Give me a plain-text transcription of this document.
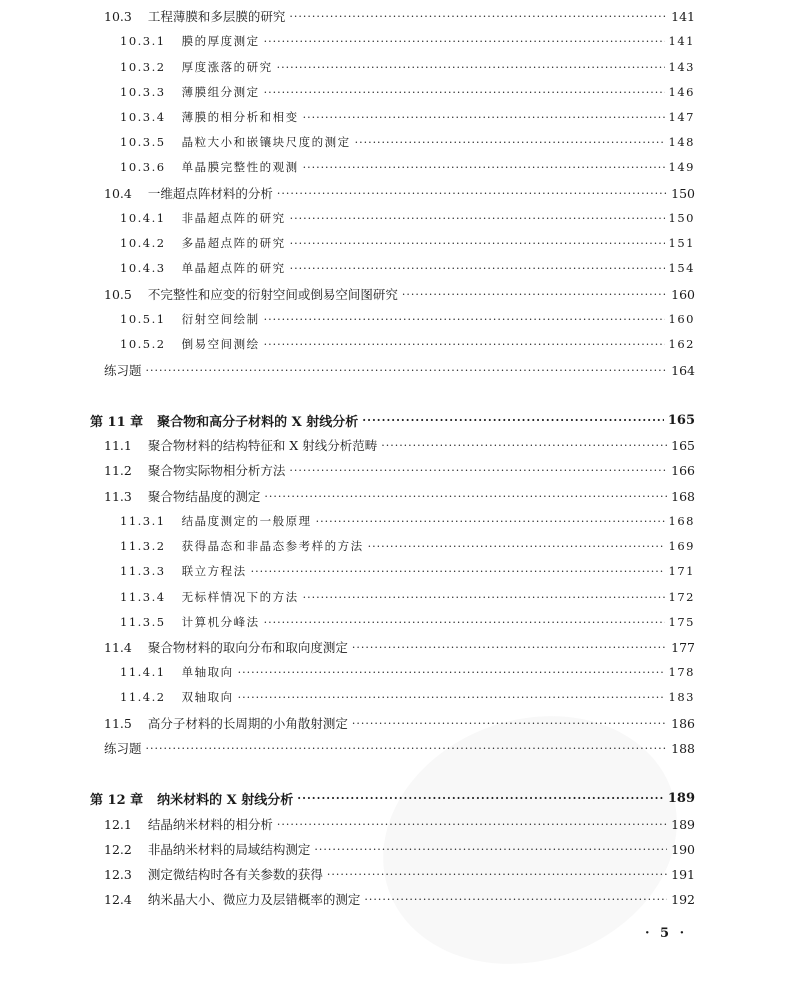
10.3	工程薄膜和多层膜的研究 ·····	141
10.3.1	膜的厚度测定 ·····	141
10.3.2	厚度涨落的研究 ·····	143
10.3.3	薄膜组分测定 ·····	146
10.3.4	薄膜的相分析和相变 ·····	147
10.3.5	晶粒大小和嵌镶块尺度的测定 ·····	148
10.3.6	单晶膜完整性的观测 ·····	149
10.4	一维超点阵材料的分析 ·····	150
10.4.1	非晶超点阵的研究 ·····	150
10.4.2	多晶超点阵的研究 ·····	151
10.4.3	单晶超点阵的研究 ·····	154
10.5	不完整性和应变的衍射空间或倒易空间图研究 ·····	160
10.5.1	衍射空间绘制 ·····	160
10.5.2	倒易空间测绘 ·····	162
练习题 ·····	164
第 11 章	聚合物和高分子材料的 X 射线分析 ·····	165
11.1	聚合物材料的结构特征和 X 射线分析范畴 ·····	165
11.2	聚合物实际物相分析方法 ·····	166
11.3	聚合物结晶度的测定 ·····	168
11.3.1	结晶度测定的一般原理 ·····	168
11.3.2	获得晶态和非晶态参考样的方法 ·····	169
11.3.3	联立方程法 ·····	171
11.3.4	无标样情况下的方法 ·····	172
11.3.5	计算机分峰法 ·····	175
11.4	聚合物材料的取向分布和取向度测定 ·····	177
11.4.1	单轴取向 ·····	178
11.4.2	双轴取向 ·····	183
11.5	高分子材料的长周期的小角散射测定 ·····	186
练习题 ·····	188
第 12 章	纳米材料的 X 射线分析 ·····	189
12.1	结晶纳米材料的相分析 ·····	189
12.2	非晶纳米材料的局域结构测定 ·····	190
12.3	测定微结构时各有关参数的获得 ·····	191
12.4	纳米晶大小、微应力及层错概率的测定 ·····	192
· 5 ·
